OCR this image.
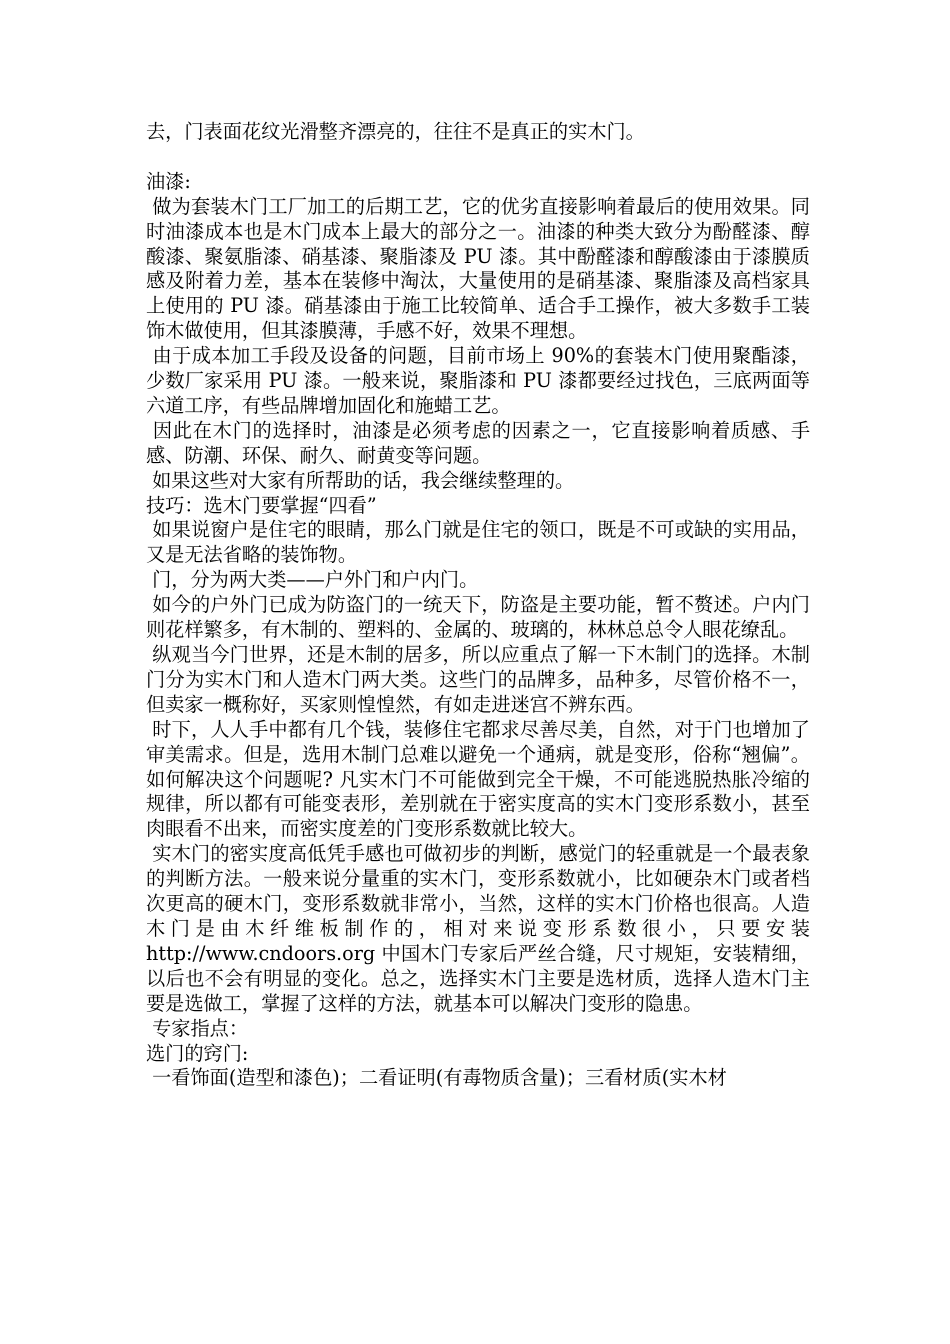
去，门表面花纹光滑整齐漂亮的，往往不是真正的实木门。

油漆:

做为套装木门工厂加工的后期工艺，它的优劣直接影响着最后的使用效果。同时油漆成本也是木门成本上最大的部分之一。油漆的种类大致分为酚醛漆、醇酸漆、聚氨脂漆、硝基漆、聚脂漆及 PU 漆。其中酚醛漆和醇酸漆由于漆膜质感及附着力差，基本在装修中淘汰，大量使用的是硝基漆、聚脂漆及高档家具上使用的 PU 漆。硝基漆由于施工比较简单、适合手工操作，被大多数手工装饰木做使用，但其漆膜薄，手感不好，效果不理想。

由于成本加工手段及设备的问题，目前市场上 90%的套装木门使用聚酯漆，少数厂家采用 PU 漆。一般来说，聚脂漆和 PU 漆都要经过找色，三底两面等六道工序，有些品牌增加固化和施蜡工艺。

因此在木门的选择时，油漆是必须考虑的因素之一，它直接影响着质感、手感、防潮、环保、耐久、耐黄变等问题。

如果这些对大家有所帮助的话，我会继续整理的。

技巧：选木门要掌握“四看”

如果说窗户是住宅的眼睛，那么门就是住宅的领口，既是不可或缺的实用品，又是无法省略的装饰物。

门，分为两大类——户外门和户内门。

如今的户外门已成为防盗门的一统天下，防盗是主要功能，暂不赘述。户内门则花样繁多，有木制的、塑料的、金属的、玻璃的，林林总总令人眼花缭乱。

纵观当今门世界，还是木制的居多，所以应重点了解一下木制门的选择。木制门分为实木门和人造木门两大类。这些门的品牌多，品种多，尽管价格不一，但卖家一概称好，买家则惶惶然，有如走进迷宫不辨东西。

时下，人人手中都有几个钱，装修住宅都求尽善尽美，自然，对于门也增加了审美需求。但是，选用木制门总难以避免一个通病，就是变形，俗称“翘偏”。如何解决这个问题呢? 凡实木门不可能做到完全干燥，不可能逃脱热胀冷缩的规律，所以都有可能变表形，差别就在于密实度高的实木门变形系数小，甚至肉眼看不出来，而密实度差的门变形系数就比较大。

实木门的密实度高低凭手感也可做初步的判断，感觉门的轻重就是一个最表象的判断方法。一般来说分量重的实木门，变形系数就小，比如硬杂木门或者档次更高的硬木门，变形系数就非常小，当然，这样的实木门价格也很高。人造木门是由木纤维板制作的，相对来说变形系数很小，只要安装 http://www.cndoors.org 中国木门专家后严丝合缝，尺寸规矩，安装精细，以后也不会有明显的变化。总之，选择实木门主要是选材质，选择人造木门主要是选做工，掌握了这样的方法，就基本可以解决门变形的隐患。

专家指点：

选门的窍门:

一看饰面(造型和漆色)；二看证明(有毒物质含量)；三看材质(实木材
